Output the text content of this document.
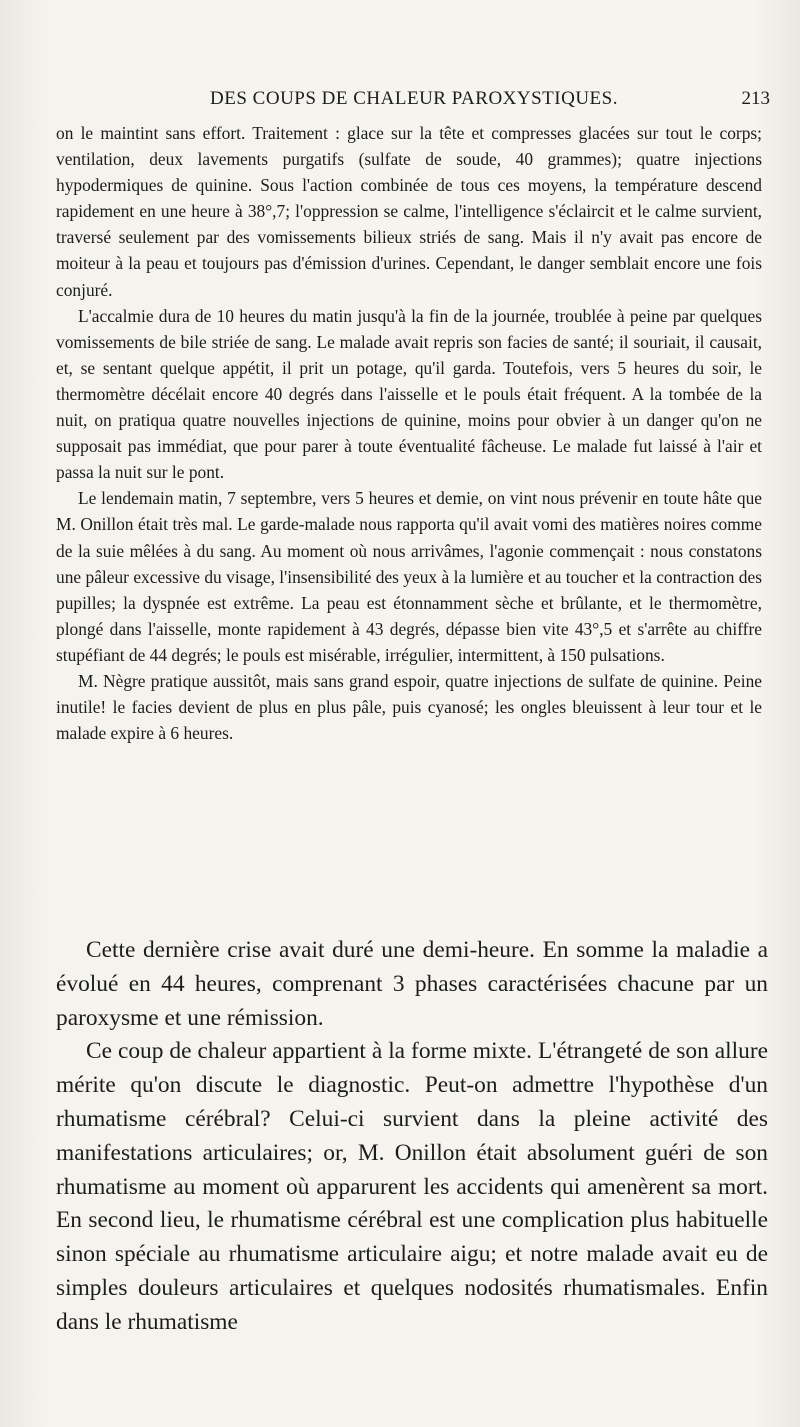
DES COUPS DE CHALEUR PAROXYSTIQUES.	213

on le maintint sans effort. Traitement : glace sur la tête et compresses glacées sur tout le corps; ventilation, deux lavements purgatifs (sulfate de soude, 40 grammes); quatre injections hypodermiques de quinine. Sous l'action combinée de tous ces moyens, la température descend rapidement en une heure à 38°,7; l'oppression se calme, l'intelligence s'éclaircit et le calme survient, traversé seulement par des vomissements bilieux striés de sang. Mais il n'y avait pas encore de moiteur à la peau et toujours pas d'émission d'urines. Cependant, le danger semblait encore une fois conjuré.

L'accalmie dura de 10 heures du matin jusqu'à la fin de la journée, troublée à peine par quelques vomissements de bile striée de sang. Le malade avait repris son facies de santé; il souriait, il causait, et, se sentant quelque appétit, il prit un potage, qu'il garda. Toutefois, vers 5 heures du soir, le thermomètre décélait encore 40 degrés dans l'aisselle et le pouls était fréquent. A la tombée de la nuit, on pratiqua quatre nouvelles injections de quinine, moins pour obvier à un danger qu'on ne supposait pas immédiat, que pour parer à toute éventualité fâcheuse. Le malade fut laissé à l'air et passa la nuit sur le pont.

Le lendemain matin, 7 septembre, vers 5 heures et demie, on vint nous prévenir en toute hâte que M. Onillon était très mal. Le garde-malade nous rapporta qu'il avait vomi des matières noires comme de la suie mêlées à du sang. Au moment où nous arrivâmes, l'agonie commençait : nous constatons une pâleur excessive du visage, l'insensibilité des yeux à la lumière et au toucher et la contraction des pupilles; la dyspnée est extrême. La peau est étonnamment sèche et brûlante, et le thermomètre, plongé dans l'aisselle, monte rapidement à 43 degrés, dépasse bien vite 43°,5 et s'arrête au chiffre stupéfiant de 44 degrés; le pouls est misérable, irrégulier, intermittent, à 150 pulsations.

M. Nègre pratique aussitôt, mais sans grand espoir, quatre injections de sulfate de quinine. Peine inutile! le facies devient de plus en plus pâle, puis cyanosé; les ongles bleuissent à leur tour et le malade expire à 6 heures.

Cette dernière crise avait duré une demi-heure. En somme la maladie a évolué en 44 heures, comprenant 3 phases caractérisées chacune par un paroxysme et une rémission.

Ce coup de chaleur appartient à la forme mixte. L'étrangeté de son allure mérite qu'on discute le diagnostic. Peut-on admettre l'hypothèse d'un rhumatisme cérébral? Celui-ci survient dans la pleine activité des manifestations articulaires; or, M. Onillon était absolument guéri de son rhumatisme au moment où apparurent les accidents qui amenèrent sa mort. En second lieu, le rhumatisme cérébral est une complication plus habituelle sinon spéciale au rhumatisme articulaire aigu; et notre malade avait eu de simples douleurs articulaires et quelques nodosités rhumatismales. Enfin dans le rhumatisme
